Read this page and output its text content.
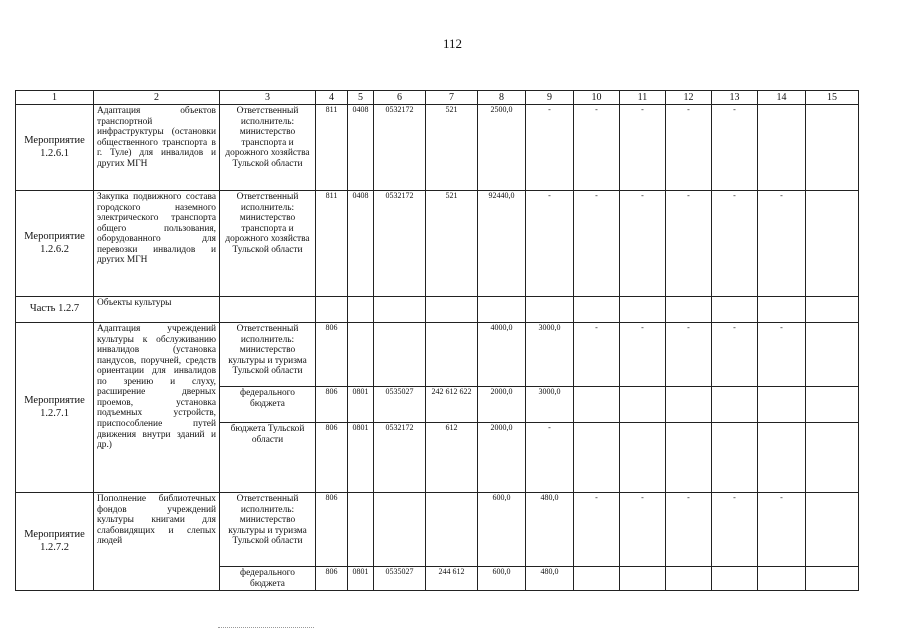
112
1	2	3	4	5	6	7	8	9	10	11	12	13	14	15
Мероприятие 1.2.6.1	Адаптация объектов транспортной инфраструктуры (остановки общественного транспорта в г. Туле) для инвалидов и других МГН	Ответственный исполнитель: министерство транспорта и дорожного хозяйства Тульской области	811	0408	0532172	521	2500,0	-	-	-	-	-		
Мероприятие 1.2.6.2	Закупка подвижного состава городского наземного электрического транспорта общего пользования, оборудованного для перевозки инвалидов и других МГН	Ответственный исполнитель: министерство транспорта и дорожного хозяйства Тульской области	811	0408	0532172	521	92440,0	-	-	-	-	-	-	
Часть 1.2.7	Объекты культуры													
Мероприятие 1.2.7.1	Адаптация учреждений культуры к обслуживанию инвалидов (установка пандусов, поручней, средств ориентации для инвалидов по зрению и слуху, расширение дверных проемов, установка подъемных устройств, приспособление путей движения внутри зданий и др.)	Ответственный исполнитель: министерство культуры и туризма Тульской области	806				4000,0	3000,0	-	-	-	-	-	
		федерального бюджета	806	0801	0535027	242 612 622	2000,0	3000,0						
		бюджета Тульской области	806	0801	0532172	612	2000,0	-						
Мероприятие 1.2.7.2	Пополнение библиотечных фондов учреждений культуры книгами для слабовидящих и слепых людей	Ответственный исполнитель: министерство культуры и туризма Тульской области	806				600,0	480,0	-	-	-	-	-	
		федерального бюджета	806	0801	0535027	244 612	600,0	480,0						
